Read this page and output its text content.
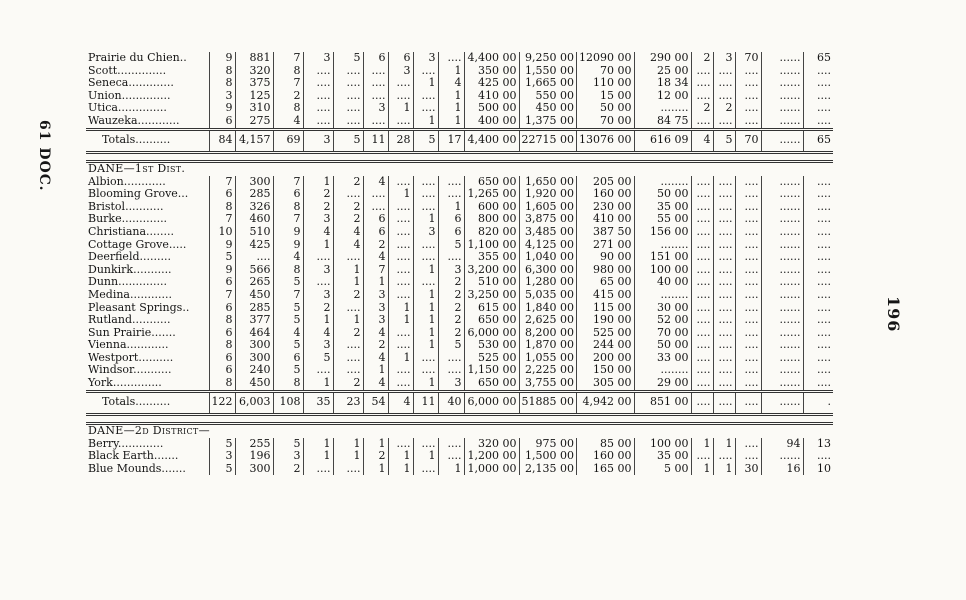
61 DOC.
196
Prairie du Chien..	9	881	7	3	5	6	6	3	....	4,400 00	9,250 00	12090 00	290 00	2	3	70	......	65
Scott..............	8	320	8	....	....	....	3	....	1	350 00	1,550 00	70 00	25 00	....	....	....	......	....
Seneca.............	8	375	7	....	....	....	....	1	4	425 00	1,665 00	110 00	18 34	....	....	....	......	....
Union..............	3	125	2	....	....	....	....	....	1	410 00	550 00	15 00	12 00	....	....	....	......	....
Utica..............	9	310	8	....	....	3	1	....	1	500 00	450 00	50 00	........	2	2	....	......	....
Wauzeka............	6	275	4	....	....	....	....	1	1	400 00	1,375 00	70 00	84 75	....	....	....	......	....
Totals..........	84	4,157	69	3	5	11	28	5	17	4,400 00	22715 00	13076 00	616 09	4	5	70	......	65

DANE—1st Dist.																		
Albion............	7	300	7	1	2	4	....	....	....	650 00	1,650 00	205 00	........	....	....	....	......	....
Blooming Grove...	6	285	6	2	....	....	1	....	....	1,265 00	1,920 00	160 00	50 00	....	....	....	......	....
Bristol...........	8	326	8	2	2	....	....	....	1	600 00	1,605 00	230 00	35 00	....	....	....	......	....
Burke.............	7	460	7	3	2	6	....	1	6	800 00	3,875 00	410 00	55 00	....	....	....	......	....
Christiana........	10	510	9	4	4	6	....	3	6	820 00	3,485 00	387 50	156 00	....	....	....	......	....
Cottage Grove.....	9	425	9	1	4	2	....	....	5	1,100 00	4,125 00	271 00	........	....	....	....	......	....
Deerfield.........	5	....	4	....	....	4	....	....	....	355 00	1,040 00	90 00	151 00	....	....	....	......	....
Dunkirk...........	9	566	8	3	1	7	....	1	3	3,200 00	6,300 00	980 00	100 00	....	....	....	......	....
Dunn..............	6	265	5	....	1	1	....	....	2	510 00	1,280 00	65 00	40 00	....	....	....	......	....
Medina............	7	450	7	3	2	3	....	1	2	3,250 00	5,035 00	415 00	........	....	....	....	......	....
Pleasant Springs..	6	285	5	2	....	3	1	1	2	615 00	1,840 00	115 00	30 00	....	....	....	......	....
Rutland...........	8	377	5	1	1	3	1	1	2	650 00	2,625 00	190 00	52 00	....	....	....	......	....
Sun Prairie.......	6	464	4	4	2	4	....	1	2	6,000 00	8,200 00	525 00	70 00	....	....	....	......	....
Vienna............	8	300	5	3	....	2	....	1	5	530 00	1,870 00	244 00	50 00	....	....	....	......	....
Westport..........	6	300	6	5	....	4	1	....	....	525 00	1,055 00	200 00	33 00	....	....	....	......	....
Windsor...........	6	240	5	....	....	1	....	....	....	1,150 00	2,225 00	150 00	........	....	....	....	......	....
York..............	8	450	8	1	2	4	....	1	3	650 00	3,755 00	305 00	29 00	....	....	....	......	....
Totals..........	122	6,003	108	35	23	54	4	11	40	6,000 00	51885 00	4,942 00	851 00	....	....	....	......	.

DANE—2d District—																		
Berry.............	5	255	5	1	1	1	....	....	....	320 00	975 00	85 00	100 00	1	1	....	94	13
Black Earth.......	3	196	3	1	1	2	1	1	....	1,200 00	1,500 00	160 00	35 00	....	....	....	......	....
Blue Mounds.......	5	300	2	....	....	1	1	....	1	1,000 00	2,135 00	165 00	5 00	1	1	30	16	10
